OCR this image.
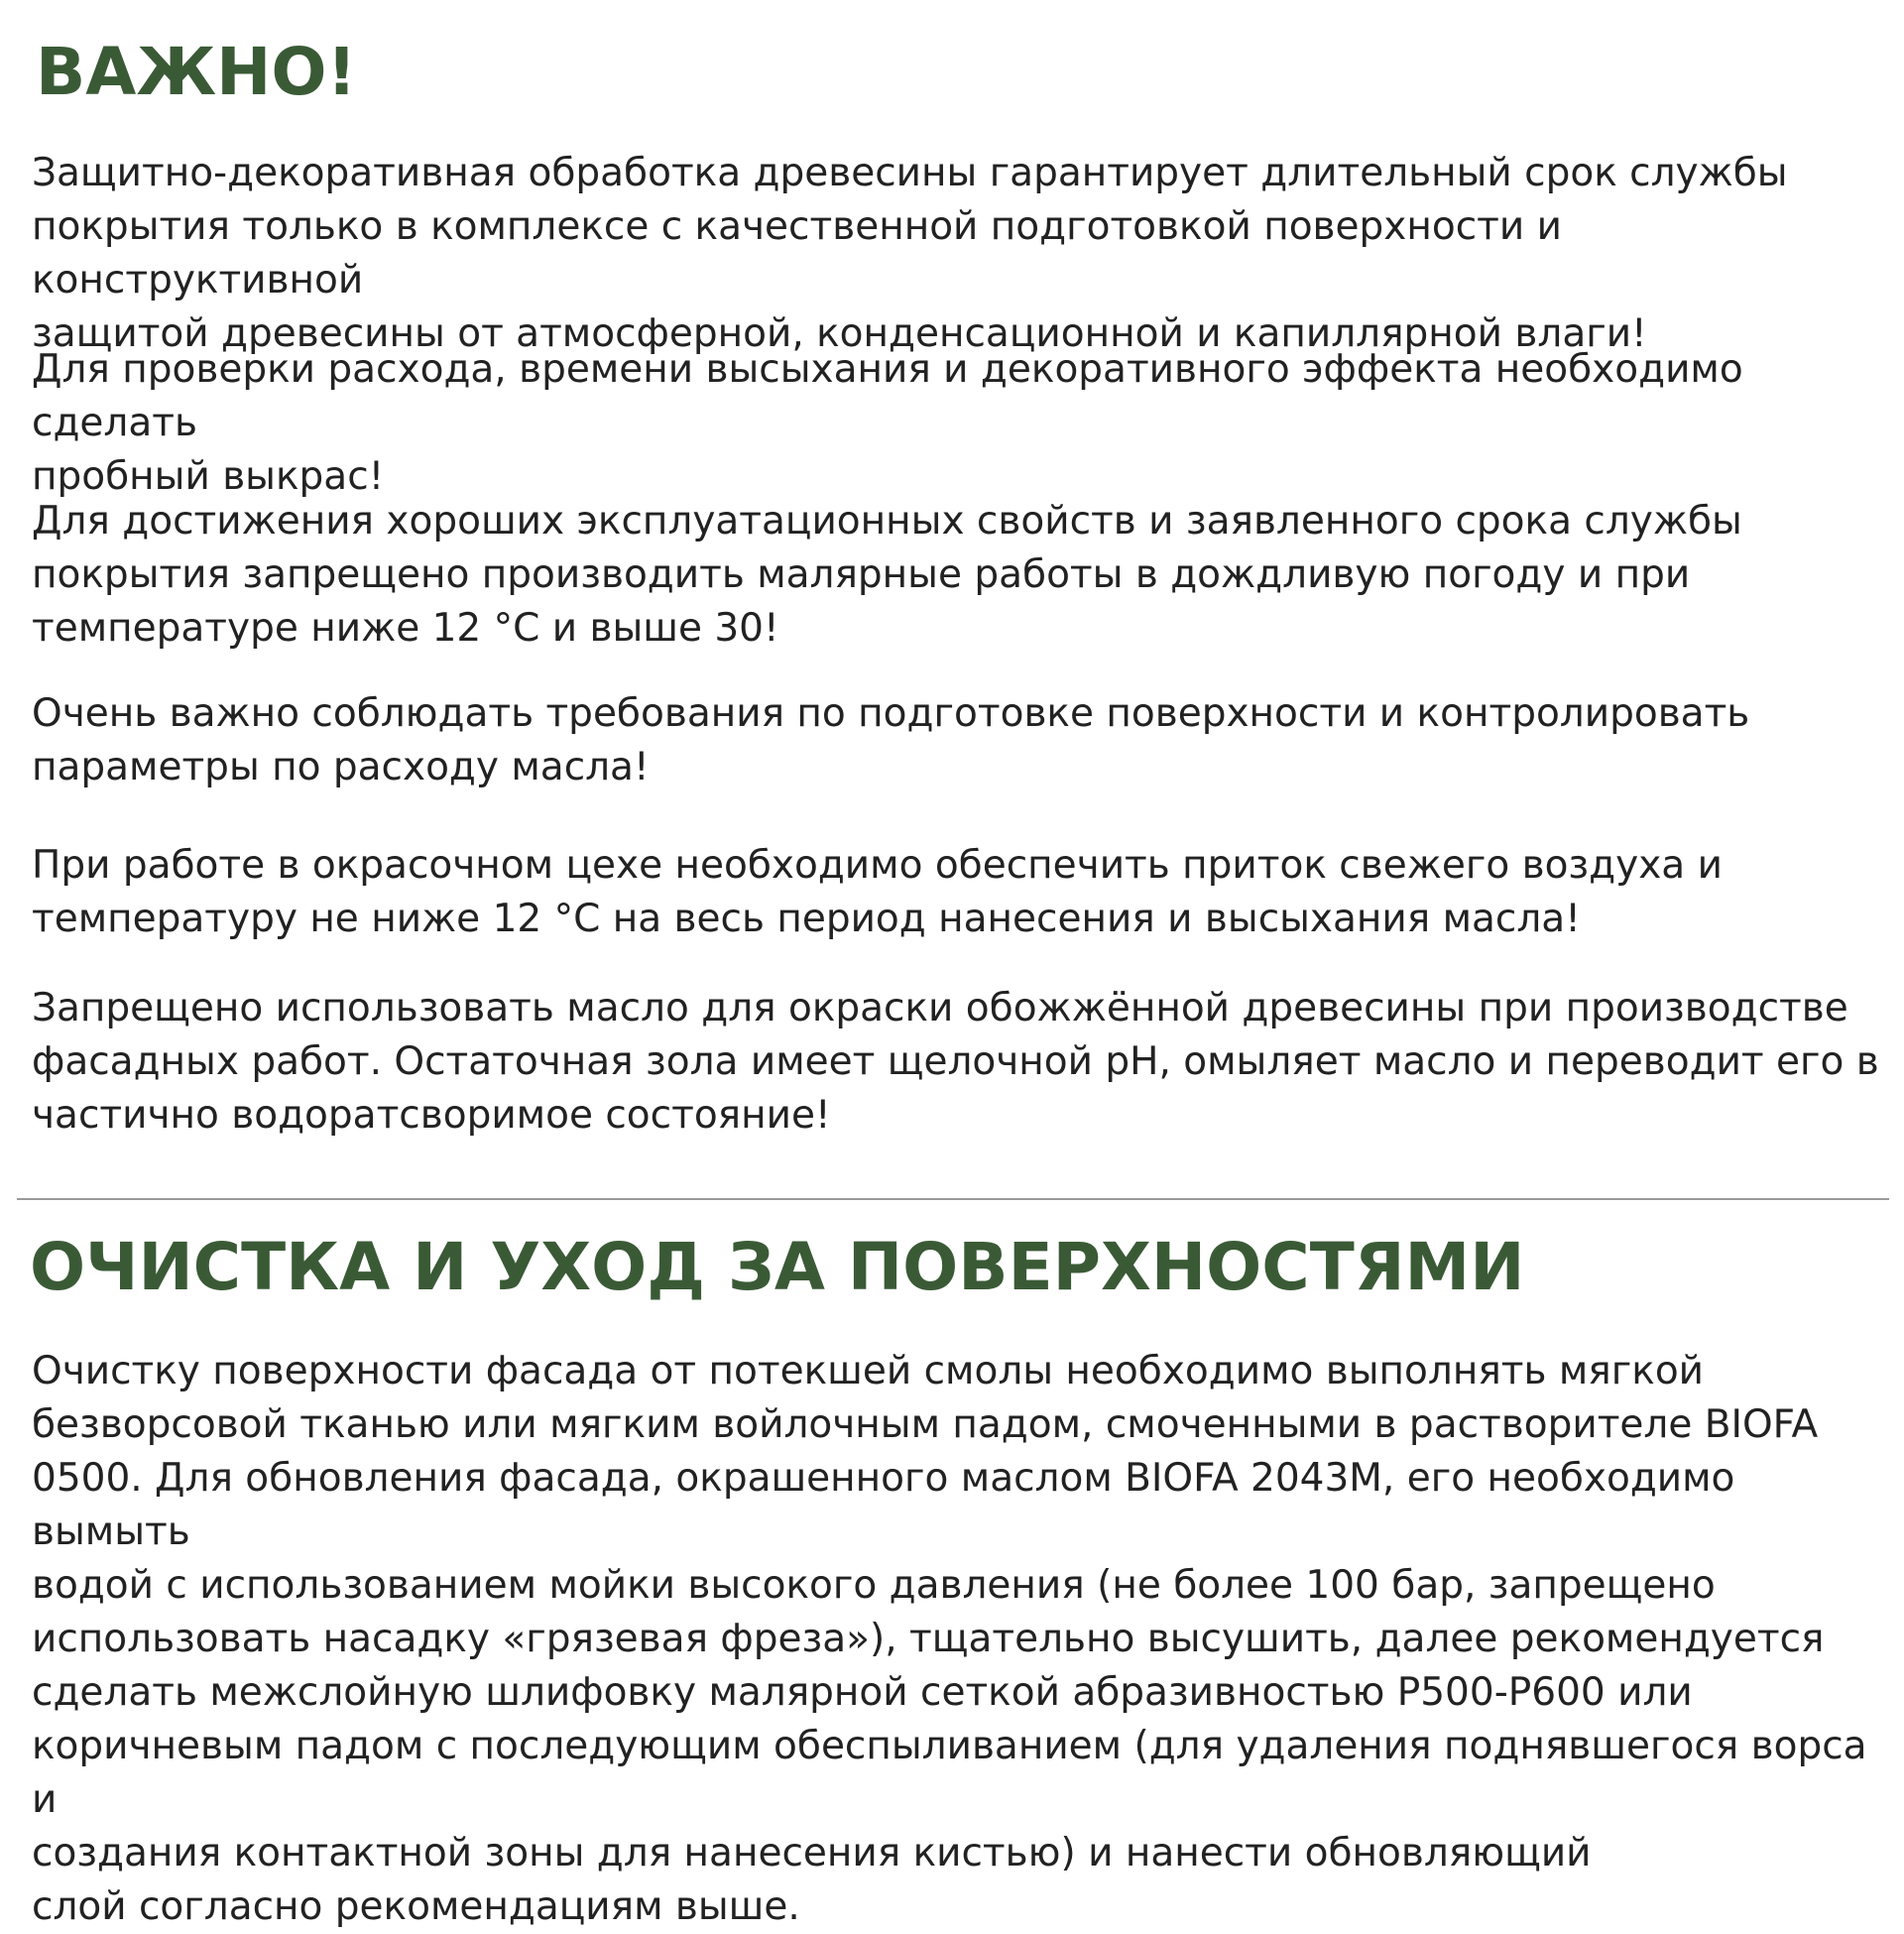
ВАЖНО!

Защитно-декоративная обработка древесины гарантирует длительный срок службы
покрытия только в комплексе с качественной подготовкой поверхности и конструктивной
защитой древесины от атмосферной, конденсационной и капиллярной влаги!

Для проверки расхода, времени высыхания и декоративного эффекта необходимо сделать
пробный выкрас!

Для достижения хороших эксплуатационных свойств и заявленного срока службы
покрытия запрещено производить малярные работы в дождливую погоду и при
температуре ниже 12 °C и выше 30!

Очень важно соблюдать требования по подготовке поверхности и контролировать
параметры по расходу масла!

При работе в окрасочном цехе необходимо обеспечить приток свежего воздуха и
температуру не ниже 12 °C на весь период нанесения и высыхания масла!

Запрещено использовать масло для окраски обожжённой древесины при производстве
фасадных работ. Остаточная зола имеет щелочной pH, омыляет масло и переводит его в
частично водоратсворимое состояние!

ОЧИСТКА И УХОД ЗА ПОВЕРХНОСТЯМИ

Очистку поверхности фасада от потекшей смолы необходимо выполнять мягкой
безворсовой тканью или мягким войлочным падом, смоченными в растворителе BIOFA
0500. Для обновления фасада, окрашенного маслом BIOFA 2043M, его необходимо вымыть
водой с использованием мойки высокого давления (не более 100 бар, запрещено
использовать насадку «грязевая фреза»), тщательно высушить, далее рекомендуется
сделать межслойную шлифовку малярной сеткой абразивностью P500-P600 или
коричневым падом с последующим обеспыливанием (для удаления поднявшегося ворса и
создания контактной зоны для нанесения кистью) и нанести обновляющий
слой согласно рекомендациям выше.
